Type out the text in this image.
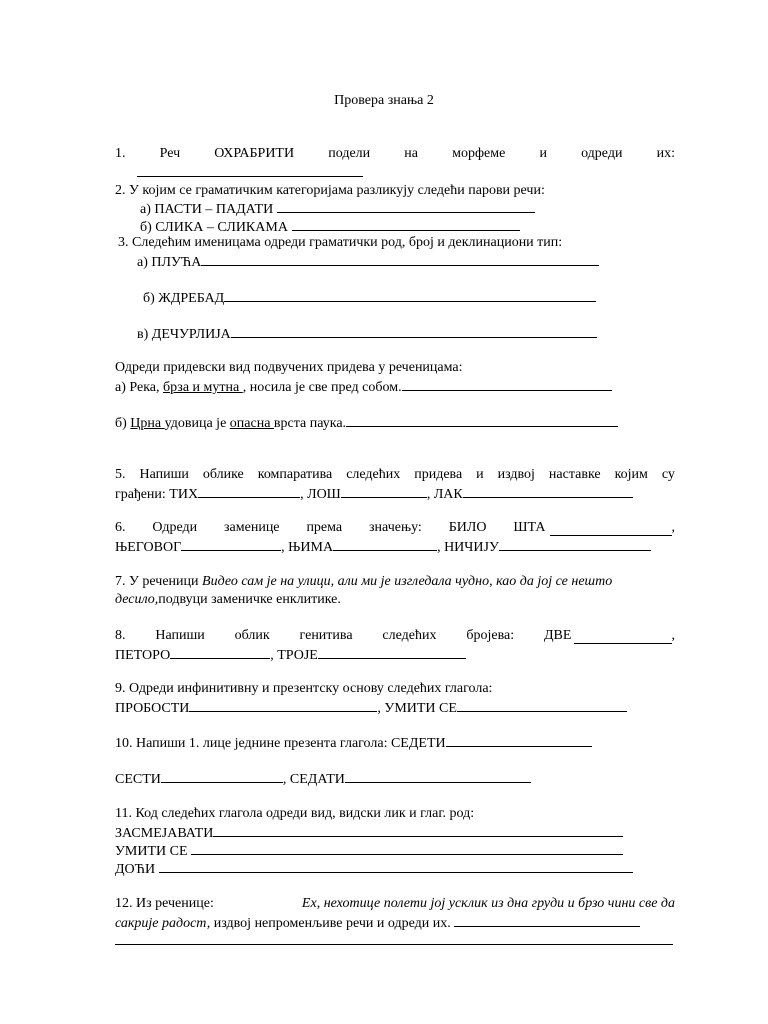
Провера знања 2
1. Реч ОХРАБРИТИ подели на морфеме и одреди их:
2. У којим се граматичким категоријама разликују следећи парови речи:
а) ПАСТИ – ПАДАТИ
б) СЛИКА – СЛИКАМА
3. Следећим именицама одреди граматички род, број и деклинациони тип:
а) ПЛУЋА
б) ЖДРЕБАД
в) ДЕЧУРЛИЈА
Одреди придевски вид подвучених придева у реченицама:
а) Река, брза и мутна , носила је све пред собом.
б) Црна удовица је опасна врста паука.
5. Напиши облике компаратива следећих придева и издвој наставке којим су
грађени: ТИХ	, ЛОШ	, ЛАК
6. Одреди заменице према значењу: БИЛО ШТА	,
ЊЕГОВОГ	, ЊИМА	, НИЧИЈУ
7. У реченици Видео сам је на улици, али ми је изгледала чудно, као да јој се нешто
десило,подвуци заменичке енклитике.
8. Напиши облик генитива следећих бројева: ДВЕ	,
ПЕТОРО	, ТРОЈЕ
9. Одреди инфинитивну и презентску основу следећих глагола:
ПРОБОСТИ	, УМИТИ СЕ
10. Напиши 1. лице једнине презента глагола: СЕДЕТИ
СЕСТИ	, СЕДАТИ
11. Код следећих глагола одреди вид, видски лик и глаг. род:
ЗАСМЕЈАВАТИ
УМИТИ СЕ
ДОЋИ
12. Из реченице:	Ех, нехотице полети јој усклик из дна груди и брзо чини све да
сакрије радост, издвој непроменљиве речи и одреди их.
